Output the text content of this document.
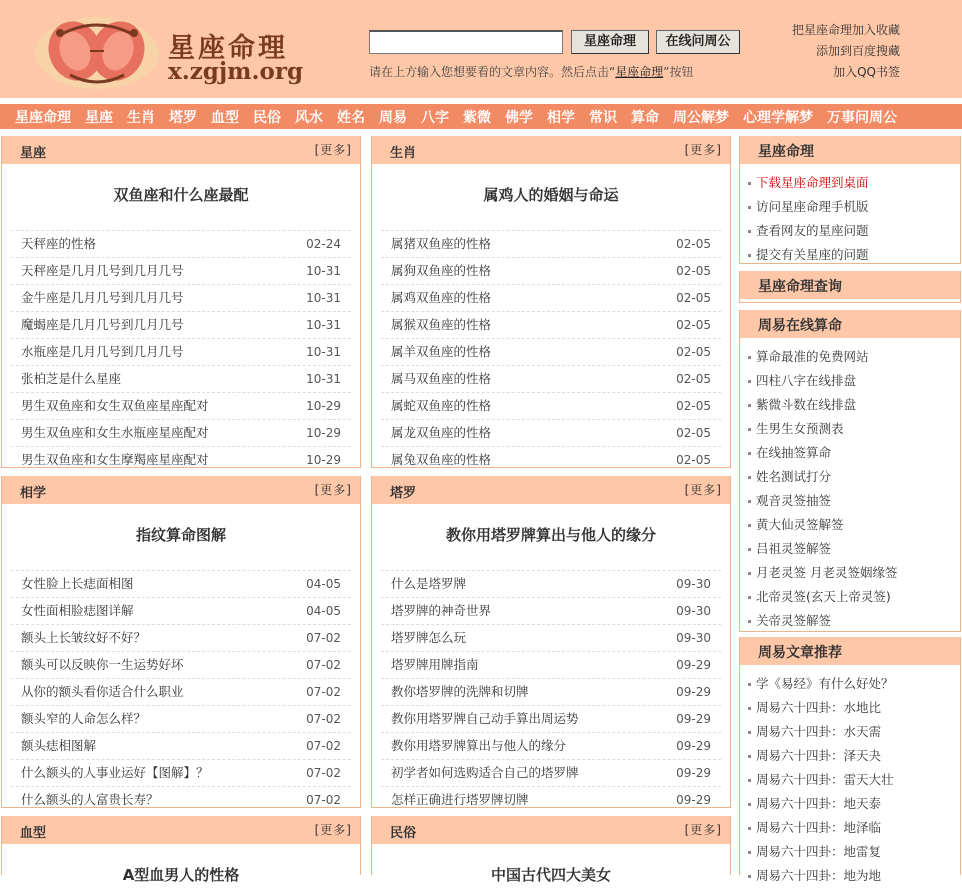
星座命理
x.zgjm.org
星座命理	在线问周公
请在上方输入您想要看的文章内容。然后点击“星座命理”按钮
把星座命理加入收藏
添加到百度搜藏
加入QQ书签
星座命理 星座 生肖 塔罗 血型 民俗 风水 姓名 周易 八字 紫微 佛学 相学 常识 算命 周公解梦 心理学解梦 万事问周公
星座	[更多]
双鱼座和什么座最配
天秤座的性格	02-24
天秤座是几月几号到几月几号	10-31
金牛座是几月几号到几月几号	10-31
魔蝎座是几月几号到几月几号	10-31
水瓶座是几月几号到几月几号	10-31
张柏芝是什么星座	10-31
男生双鱼座和女生双鱼座星座配对	10-29
男生双鱼座和女生水瓶座星座配对	10-29
男生双鱼座和女生摩羯座星座配对	10-29
生肖	[更多]
属鸡人的婚姻与命运
属猪双鱼座的性格	02-05
属狗双鱼座的性格	02-05
属鸡双鱼座的性格	02-05
属猴双鱼座的性格	02-05
属羊双鱼座的性格	02-05
属马双鱼座的性格	02-05
属蛇双鱼座的性格	02-05
属龙双鱼座的性格	02-05
属兔双鱼座的性格	02-05
相学	[更多]
指纹算命图解
女性脸上长痣面相图	04-05
女性面相脸痣图详解	04-05
额头上长皱纹好不好？	07-02
额头可以反映你一生运势好坏	07-02
从你的额头看你适合什么职业	07-02
额头窄的人命怎么样？	07-02
额头痣相图解	07-02
什么额头的人事业运好【图解】？	07-02
什么额头的人富贵长寿？	07-02
塔罗	[更多]
教你用塔罗牌算出与他人的缘分
什么是塔罗牌	09-30
塔罗牌的神奇世界	09-30
塔罗牌怎么玩	09-30
塔罗牌用牌指南	09-29
教你塔罗牌的洗牌和切牌	09-29
教你用塔罗牌自己动手算出周运势	09-29
教你用塔罗牌算出与他人的缘分	09-29
初学者如何选购适合自己的塔罗牌	09-29
怎样正确进行塔罗牌切牌	09-29
血型	[更多]
A型血男人的性格
民俗	[更多]
中国古代四大美女
星座命理
下载星座命理到桌面
访问星座命理手机版
查看网友的星座问题
提交有关星座的问题
星座命理查询
周易在线算命
算命最准的免费网站
四柱八字在线排盘
紫微斗数在线排盘
生男生女预测表
在线抽签算命
姓名测试打分
观音灵签抽签
黄大仙灵签解签
吕祖灵签解签
月老灵签 月老灵签姻缘签
北帝灵签(玄天上帝灵签)
关帝灵签解签
周易文章推荐
学《易经》有什么好处？
周易六十四卦：水地比
周易六十四卦：水天需
周易六十四卦：泽天夬
周易六十四卦：雷天大壮
周易六十四卦：地天泰
周易六十四卦：地泽临
周易六十四卦：地雷复
周易六十四卦：地为地
